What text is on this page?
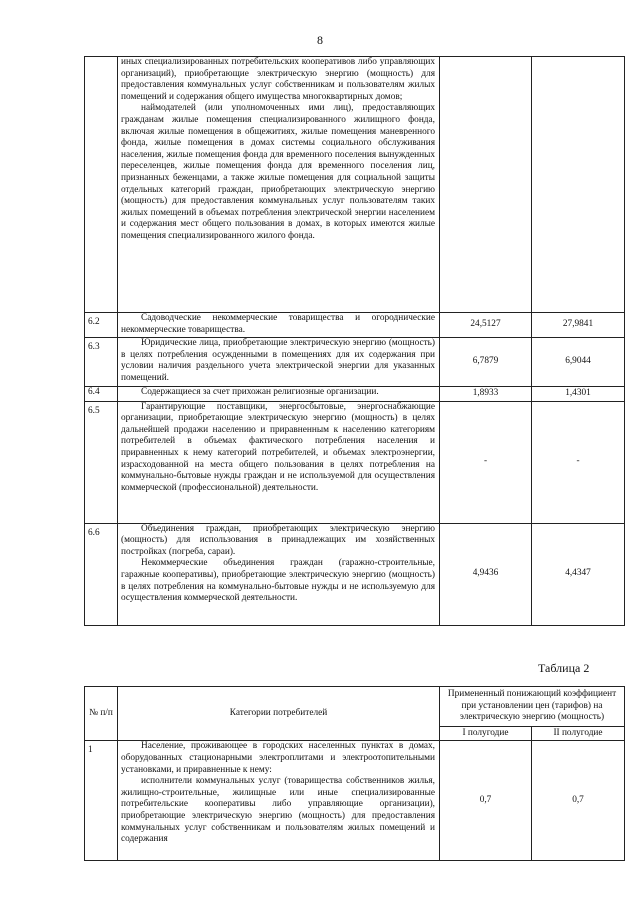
8

	иных специализированных потребительских кооперативов либо управляющих организаций), приобретающие электрическую энергию (мощность) для предоставления коммунальных услуг собственникам и пользователям жилых помещений и содержания общего имущества многоквартирных домов;

наймодателей (или уполномоченных ими лиц), предоставляющих гражданам жилые помещения специализированного жилищного фонда, включая жилые помещения в общежитиях, жилые помещения маневренного фонда, жилые помещения в домах системы социального обслуживания населения, жилые помещения фонда для временного поселения вынужденных переселенцев, жилые помещения фонда для временного поселения лиц, признанных беженцами, а также жилые помещения для социальной защиты отдельных категорий граждан, приобретающих электрическую энергию (мощность) для предоставления коммунальных услуг пользователям таких жилых помещений в объемах потребления электрической энергии населением и содержания мест общего пользования в домах, в которых имеются жилые помещения специализированного жилого фонда.		

6.2	Садоводческие некоммерческие товарищества и огороднические некоммерческие товарищества.	24,5127	27,9841
6.3	Юридические лица, приобретающие электрическую энергию (мощность) в целях потребления осужденными в помещениях для их содержания при условии наличия раздельного учета электрической энергии для указанных помещений.	6,7879	6,9044
6.4	Содержащиеся за счет прихожан религиозные организации.	1,8933	1,4301
6.5	Гарантирующие поставщики, энергосбытовые, энергоснабжающие организации, приобретающие электрическую энергию (мощность) в целях дальнейшей продажи населению и приравненным к населению категориям потребителей в объемах фактического потребления населения и приравненных к нему категорий потребителей, и объемах электроэнергии, израсходованной на места общего пользования в целях потребления на коммунально-бытовые нужды граждан и не используемой для осуществления коммерческой (профессиональной) деятельности.	-	-
6.6	Объединения граждан, приобретающих электрическую энергию (мощность) для использования в принадлежащих им хозяйственных постройках (погреба, сараи).

Некоммерческие объединения граждан (гаражно-строительные, гаражные кооперативы), приобретающие электрическую энергию (мощность) в целях потребления на коммунально-бытовые нужды и не используемую для осуществления коммерческой деятельности.	4,9436	4,4347
Таблица 2
№ п/п	Категории потребителей	Примененный понижающий коэффициент при установлении цен (тарифов) на электрическую энергию (мощность)	
		I полугодие	II полугодие
1	Население, проживающее в городских населенных пунктах в домах, оборудованных стационарными электроплитами и электроотопительными установками, и приравненные к нему:

исполнители коммунальных услуг (товарищества собственников жилья, жилищно-строительные, жилищные или иные специализированные потребительские кооперативы либо управляющие организации), приобретающие электрическую энергию (мощность) для предоставления коммунальных услуг собственникам и пользователям жилых помещений и содержания	0,7	0,7
